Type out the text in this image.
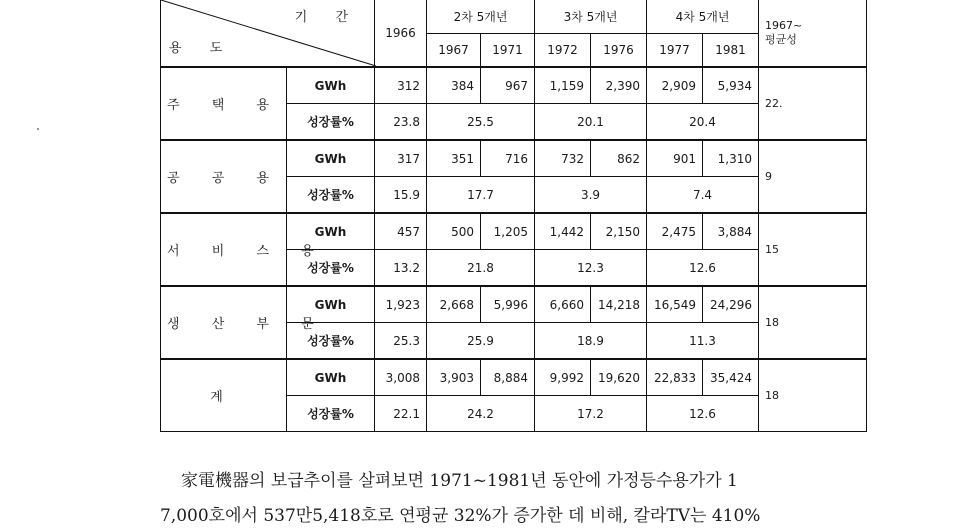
기 간
용 도		1966	2차 5개년		3차 5개년		4차 5개년		1967~
평균성
			1967	1971	1972	1976	1977	1981	
주 택 용	GWh	312	384	967	1,159	2,390	2,909	5,934	22.
	성장률%	23.8	25.5		20.1		20.4		
공 공 용	GWh	317	351	716	732	862	901	1,310	9
	성장률%	15.9	17.7		3.9		7.4		
서 비 스 용	GWh	457	500	1,205	1,442	2,150	2,475	3,884	15
	성장률%	13.2	21.8		12.3		12.6		
생 산 부 문	GWh	1,923	2,668	5,996	6,660	14,218	16,549	24,296	18
	성장률%	25.3	25.9		18.9		11.3		
계	GWh	3,008	3,903	8,884	9,992	19,620	22,833	35,424	18
	성장률%	22.1	24.2		17.2		12.6		
家電機器의 보급추이를 살펴보면 1971~1981년 동안에 가정등수용가가 1
7,000호에서 537만5,418호로 연평균 32%가 증가한 데 비해, 칼라TV는 410%
